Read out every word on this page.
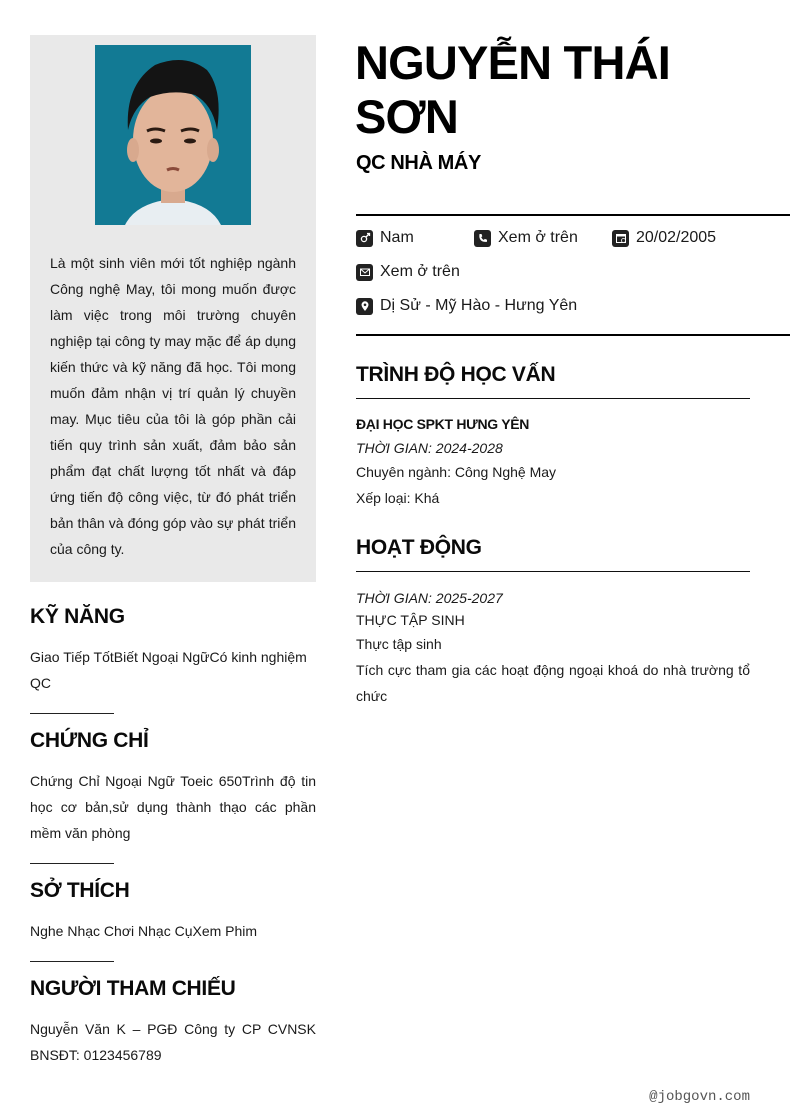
Là một sinh viên mới tốt nghiệp ngành Công nghệ May, tôi mong muốn được làm việc trong môi trường chuyên nghiệp tại công ty may mặc để áp dụng kiến thức và kỹ năng đã học. Tôi mong muốn đảm nhận vị trí quản lý chuyền may. Mục tiêu của tôi là góp phần cải tiến quy trình sản xuất, đảm bảo sản phẩm đạt chất lượng tốt nhất và đáp ứng tiến độ công việc, từ đó phát triển bản thân và đóng góp vào sự phát triển của công ty.

KỸ NĂNG

Giao Tiếp TốtBiết Ngoại NgữCó kinh nghiệm QC

CHỨNG CHỈ

Chứng Chỉ Ngoại Ngữ Toeic 650Trình độ tin học cơ bản,sử dụng thành thạo các phần mềm văn phòng

SỞ THÍCH

Nghe Nhạc Chơi Nhạc CụXem Phim

NGƯỜI THAM CHIẾU

Nguyễn Văn K – PGĐ Công ty CP CVNSK BNSĐT: 0123456789

NGUYỄN THÁI SƠN
QC NHÀ MÁY
Nam	Xem ở trên	20/02/2005
Xem ở trên
Dị Sử - Mỹ Hào - Hưng Yên
TRÌNH ĐỘ HỌC VẤN
ĐẠI HỌC SPKT HƯNG YÊN
THỜI GIAN: 2024-2028
Chuyên ngành: Công Nghệ May
Xếp loại: Khá
HOẠT ĐỘNG
THỜI GIAN: 2025-2027
THỰC TẬP SINH
Thực tập sinh
Tích cực tham gia các hoạt động ngoại khoá do nhà trường tổ chức
@jobgovn.com
